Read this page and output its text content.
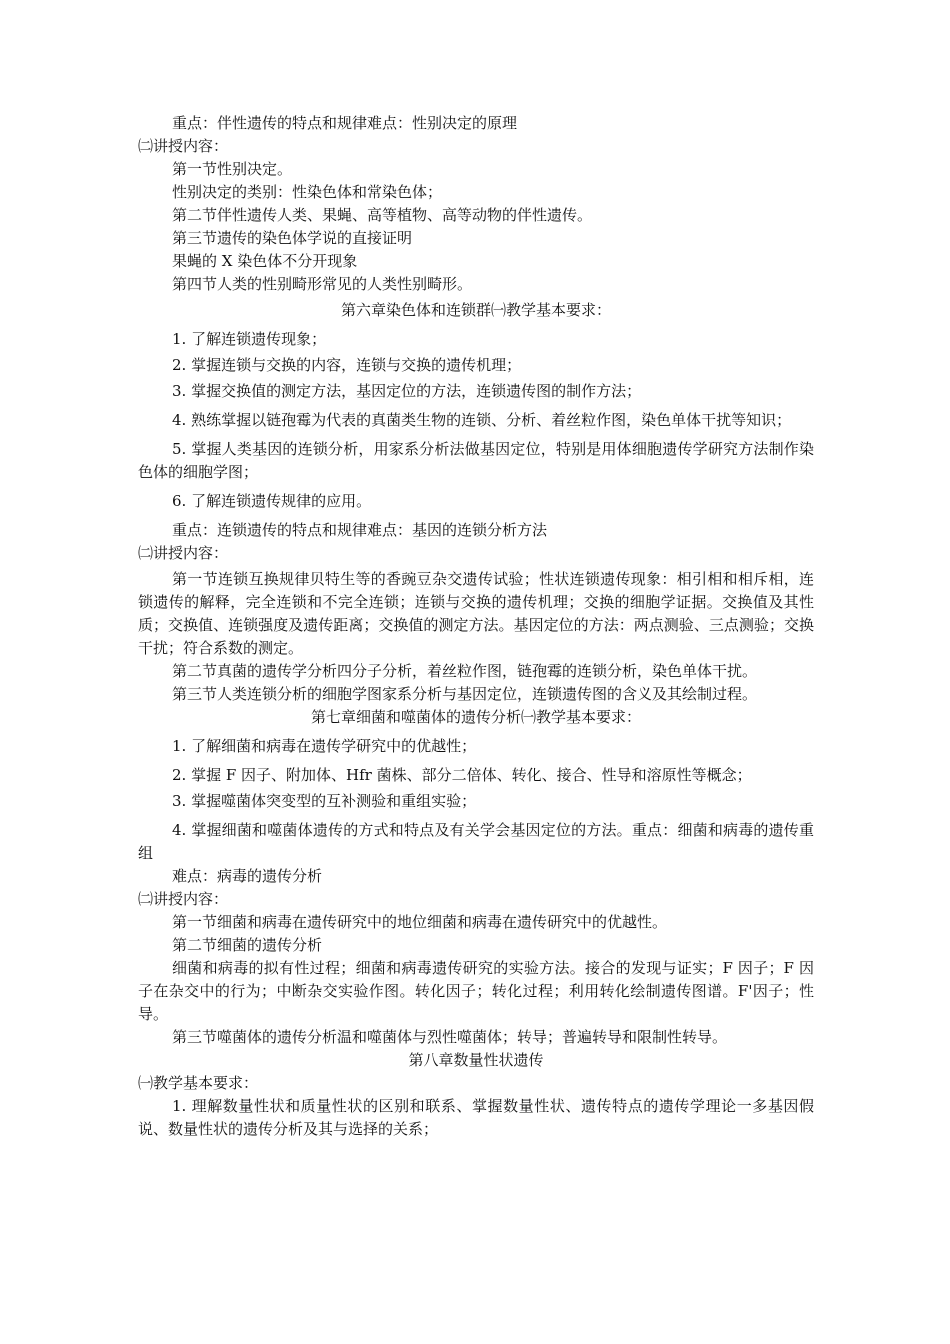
重点：伴性遗传的特点和规律难点：性别决定的原理

㈡讲授内容：

第一节性别决定。

性别决定的类别：性染色体和常染色体；

第二节伴性遗传人类、果蝇、高等植物、高等动物的伴性遗传。

第三节遗传的染色体学说的直接证明

果蝇的 X 染色体不分开现象

第四节人类的性别畸形常见的人类性别畸形。

第六章染色体和连锁群㈠教学基本要求：

1. 了解连锁遗传现象；

2. 掌握连锁与交换的内容，连锁与交换的遗传机理；

3. 掌握交换值的测定方法，基因定位的方法，连锁遗传图的制作方法；

4. 熟练掌握以链孢霉为代表的真菌类生物的连锁、分析、着丝粒作图，染色单体干扰等知识；

5. 掌握人类基因的连锁分析，用家系分析法做基因定位，特别是用体细胞遗传学研究方法制作染色体的细胞学图；

6. 了解连锁遗传规律的应用。

重点：连锁遗传的特点和规律难点：基因的连锁分析方法

㈡讲授内容：

第一节连锁互换规律贝特生等的香豌豆杂交遗传试验；性状连锁遗传现象：相引相和相斥相，连锁遗传的解释，完全连锁和不完全连锁；连锁与交换的遗传机理；交换的细胞学证据。交换值及其性质；交换值、连锁强度及遗传距离；交换值的测定方法。基因定位的方法：两点测验、三点测验；交换干扰；符合系数的测定。

第二节真菌的遗传学分析四分子分析，着丝粒作图，链孢霉的连锁分析，染色单体干扰。

第三节人类连锁分析的细胞学图家系分析与基因定位，连锁遗传图的含义及其绘制过程。

第七章细菌和噬菌体的遗传分析㈠教学基本要求：

1. 了解细菌和病毒在遗传学研究中的优越性；

2. 掌握 F 因子、附加体、Hfr 菌株、部分二倍体、转化、接合、性导和溶原性等概念；

3. 掌握噬菌体突变型的互补测验和重组实验；

4. 掌握细菌和噬菌体遗传的方式和特点及有关学会基因定位的方法。重点：细菌和病毒的遗传重组

难点：病毒的遗传分析

㈡讲授内容：

第一节细菌和病毒在遗传研究中的地位细菌和病毒在遗传研究中的优越性。

第二节细菌的遗传分析

细菌和病毒的拟有性过程；细菌和病毒遗传研究的实验方法。接合的发现与证实；F 因子；F 因子在杂交中的行为；中断杂交实验作图。转化因子；转化过程；利用转化绘制遗传图谱。F'因子；性导。

第三节噬菌体的遗传分析温和噬菌体与烈性噬菌体；转导；普遍转导和限制性转导。

第八章数量性状遗传

㈠教学基本要求：

1. 理解数量性状和质量性状的区别和联系、掌握数量性状、遗传特点的遗传学理论一多基因假说、数量性状的遗传分析及其与选择的关系；
